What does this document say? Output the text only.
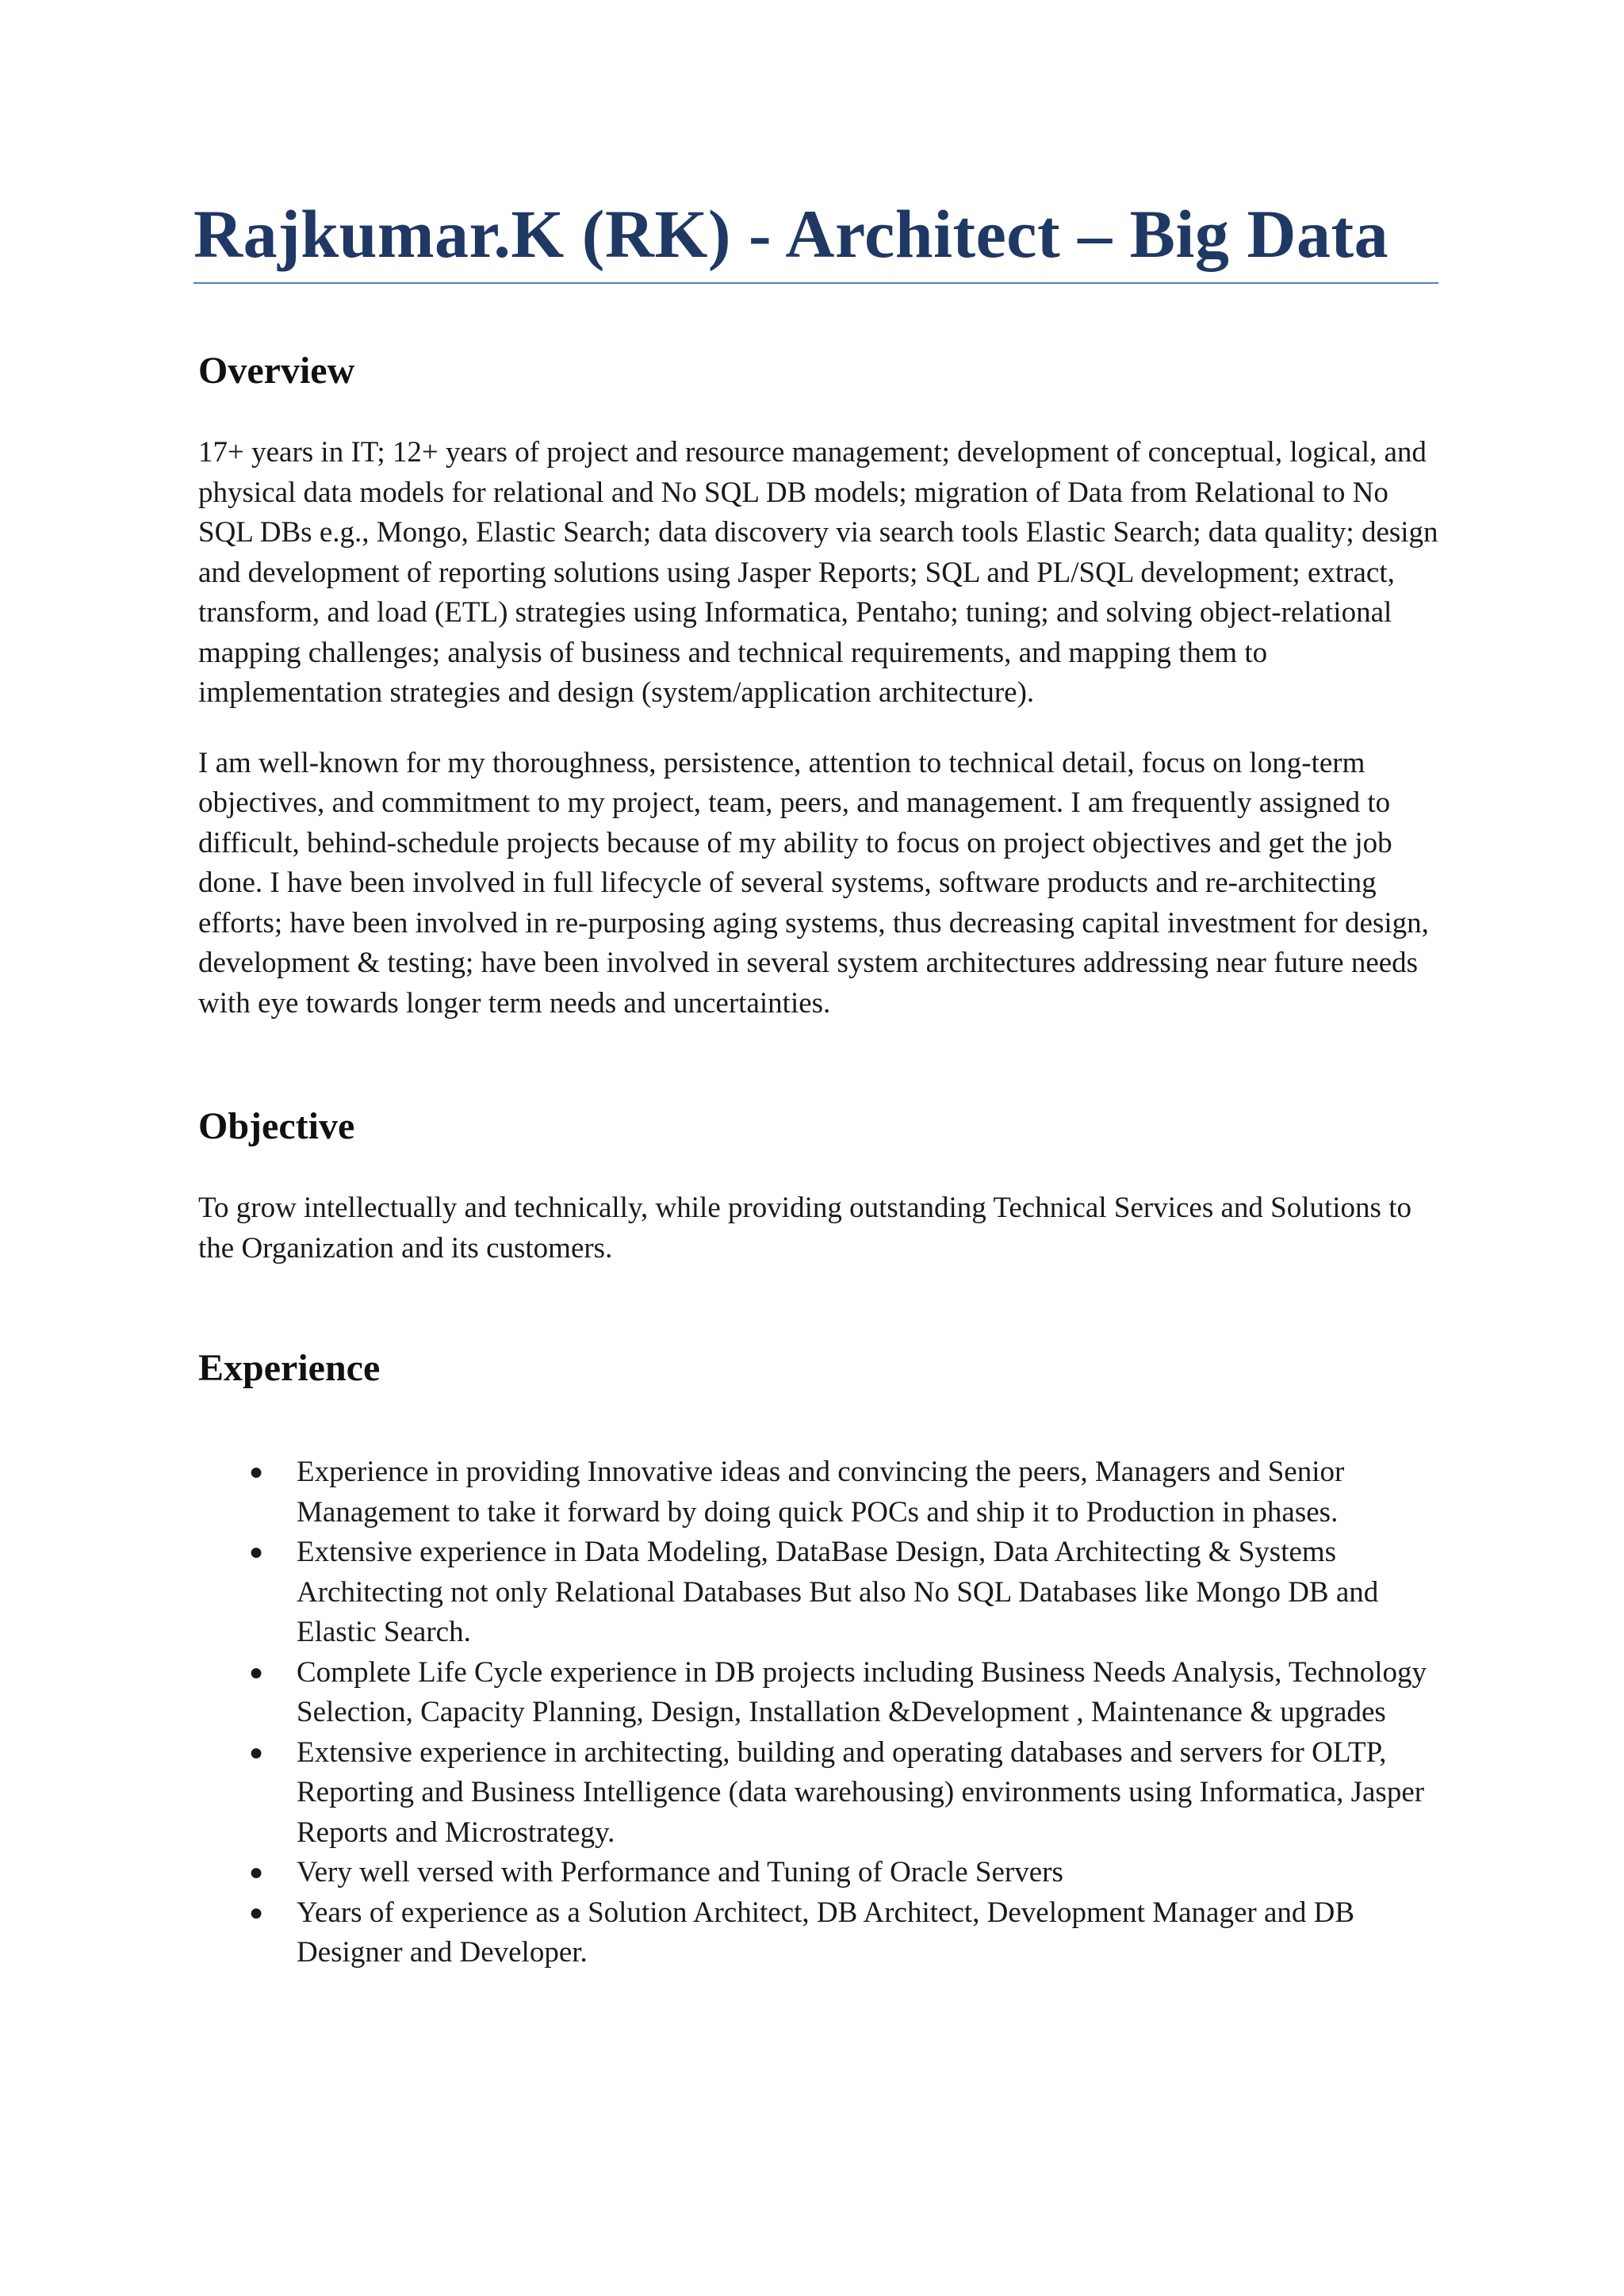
Rajkumar.K (RK) - Architect – Big Data
Overview

17+ years in IT; 12+ years of project and resource management; development of conceptual, logical, and physical data models for relational and No SQL DB models; migration of Data from Relational to No SQL DBs e.g., Mongo, Elastic Search; data discovery via search tools Elastic Search; data quality; design and development of reporting solutions using Jasper Reports; SQL and PL/SQL development; extract, transform, and load (ETL) strategies using Informatica, Pentaho; tuning; and solving object-relational mapping challenges; analysis of business and technical requirements, and mapping them to implementation strategies and design (system/application architecture).

I am well-known for my thoroughness, persistence, attention to technical detail, focus on long-term objectives, and commitment to my project, team, peers, and management. I am frequently assigned to difficult, behind-schedule projects because of my ability to focus on project objectives and get the job done. I have been involved in full lifecycle of several systems, software products and re-architecting efforts; have been involved in re-purposing aging systems, thus decreasing capital investment for design, development & testing; have been involved in several system architectures addressing near future needs with eye towards longer term needs and uncertainties.

Objective

To grow intellectually and technically, while providing outstanding Technical Services and Solutions to the Organization and its customers.

Experience
● Experience in providing Innovative ideas and convincing the peers, Managers and Senior Management to take it forward by doing quick POCs and ship it to Production in phases.
● Extensive experience in Data Modeling, DataBase Design, Data Architecting & Systems Architecting not only Relational Databases But also No SQL Databases like Mongo DB and Elastic Search.
● Complete Life Cycle experience in DB projects including Business Needs Analysis, Technology Selection, Capacity Planning, Design, Installation &Development , Maintenance & upgrades
● Extensive experience in architecting, building and operating databases and servers for OLTP, Reporting and Business Intelligence (data warehousing) environments using Informatica, Jasper Reports and Microstrategy.
● Very well versed with Performance and Tuning of Oracle Servers
● Years of experience as a Solution Architect, DB Architect, Development Manager and DB Designer and Developer.
